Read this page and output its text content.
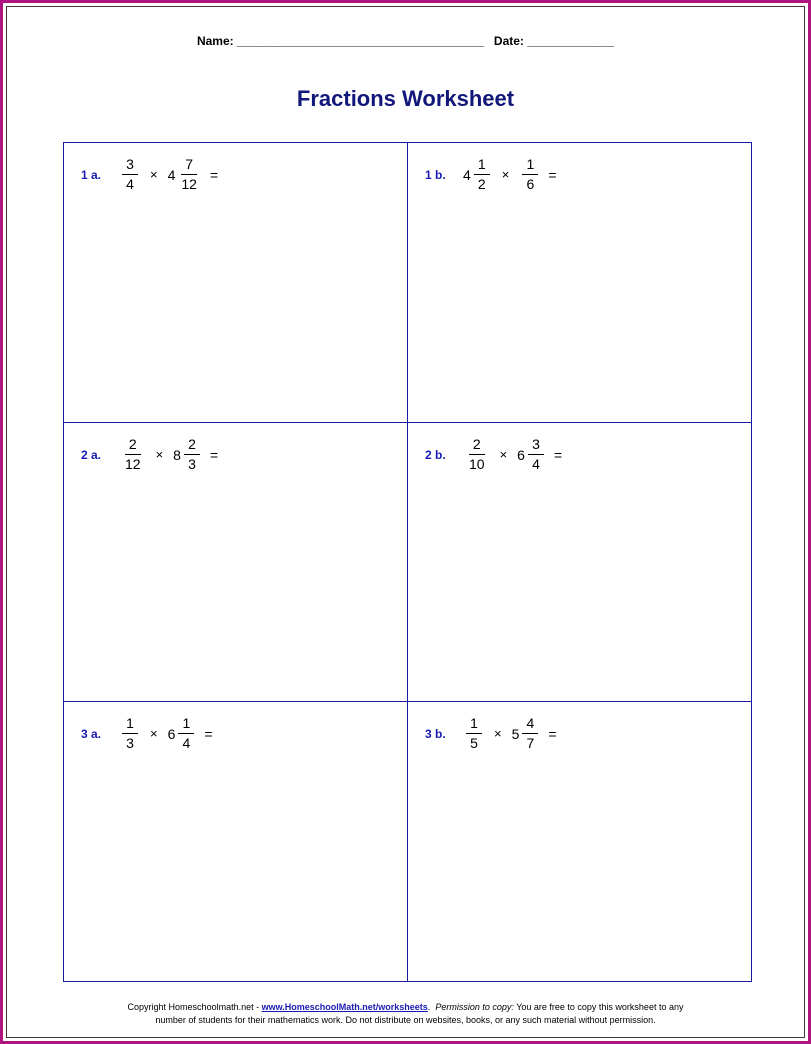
Name: _____________________________________ Date: _____________
Fractions Worksheet
1 a.	$\frac{3}{4} \times 4 \frac{7}{12}$ =	1 b.	$4 \frac{1}{2} \times \frac{1}{6}$ =
2 a.	$\frac{2}{12} \times 8 \frac{2}{3}$ =	2 b.	$\frac{2}{10} \times 6 \frac{3}{4}$ =
3 a.	$\frac{1}{3} \times 6 \frac{1}{4}$ =	3 b.	$\frac{1}{5} \times 5 \frac{4}{7}$ =
Copyright Homeschoolmath.net - www.HomeschoolMath.net/worksheets. Permission to copy: You are free to copy this worksheet to any
number of students for their mathematics work. Do not distribute on websites, books, or any such material without permission.
